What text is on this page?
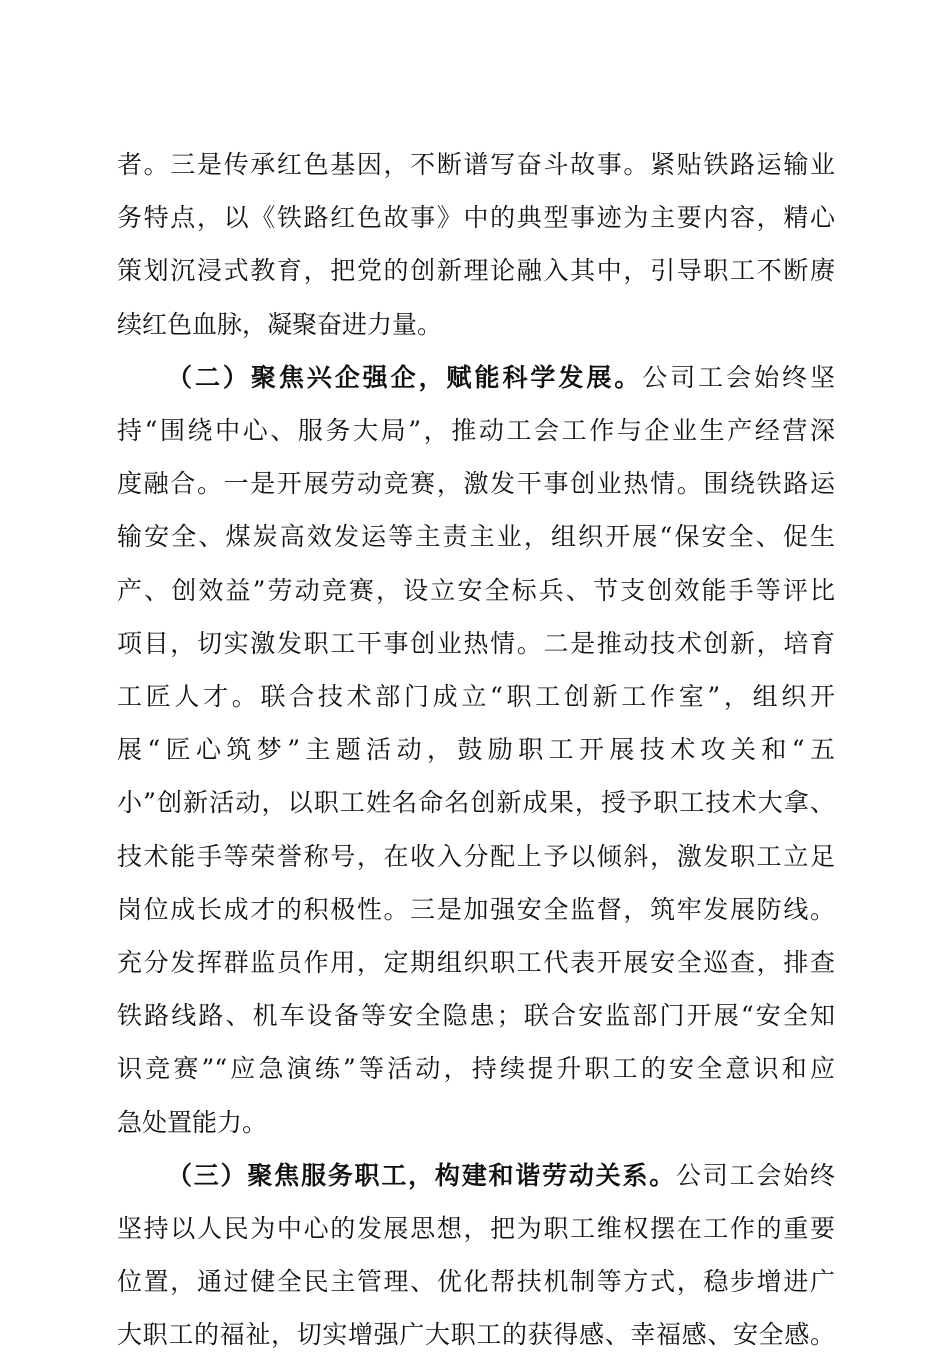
者。三是传承红色基因，不断谱写奋斗故事。紧贴铁路运输业
务特点，以《铁路红色故事》中的典型事迹为主要内容，精心
策划沉浸式教育，把党的创新理论融入其中，引导职工不断赓
续红色血脉，凝聚奋进力量。
（二）聚焦兴企强企，赋能科学发展。公司工会始终坚
持“围绕中心、服务大局”，推动工会工作与企业生产经营深
度融合。一是开展劳动竞赛，激发干事创业热情。围绕铁路运
输安全、煤炭高效发运等主责主业，组织开展“保安全、促生
产、创效益”劳动竞赛，设立安全标兵、节支创效能手等评比
项目，切实激发职工干事创业热情。二是推动技术创新，培育
工匠人才。联合技术部门成立“职工创新工作室”，组织开
展“匠心筑梦”主题活动，鼓励职工开展技术攻关和“五
小”创新活动，以职工姓名命名创新成果，授予职工技术大拿、
技术能手等荣誉称号，在收入分配上予以倾斜，激发职工立足
岗位成长成才的积极性。三是加强安全监督，筑牢发展防线。
充分发挥群监员作用，定期组织职工代表开展安全巡查，排查
铁路线路、机车设备等安全隐患；联合安监部门开展“安全知
识竞赛”“应急演练”等活动，持续提升职工的安全意识和应
急处置能力。
（三）聚焦服务职工，构建和谐劳动关系。公司工会始终
坚持以人民为中心的发展思想，把为职工维权摆在工作的重要
位置，通过健全民主管理、优化帮扶机制等方式，稳步增进广
大职工的福祉，切实增强广大职工的获得感、幸福感、安全感。
